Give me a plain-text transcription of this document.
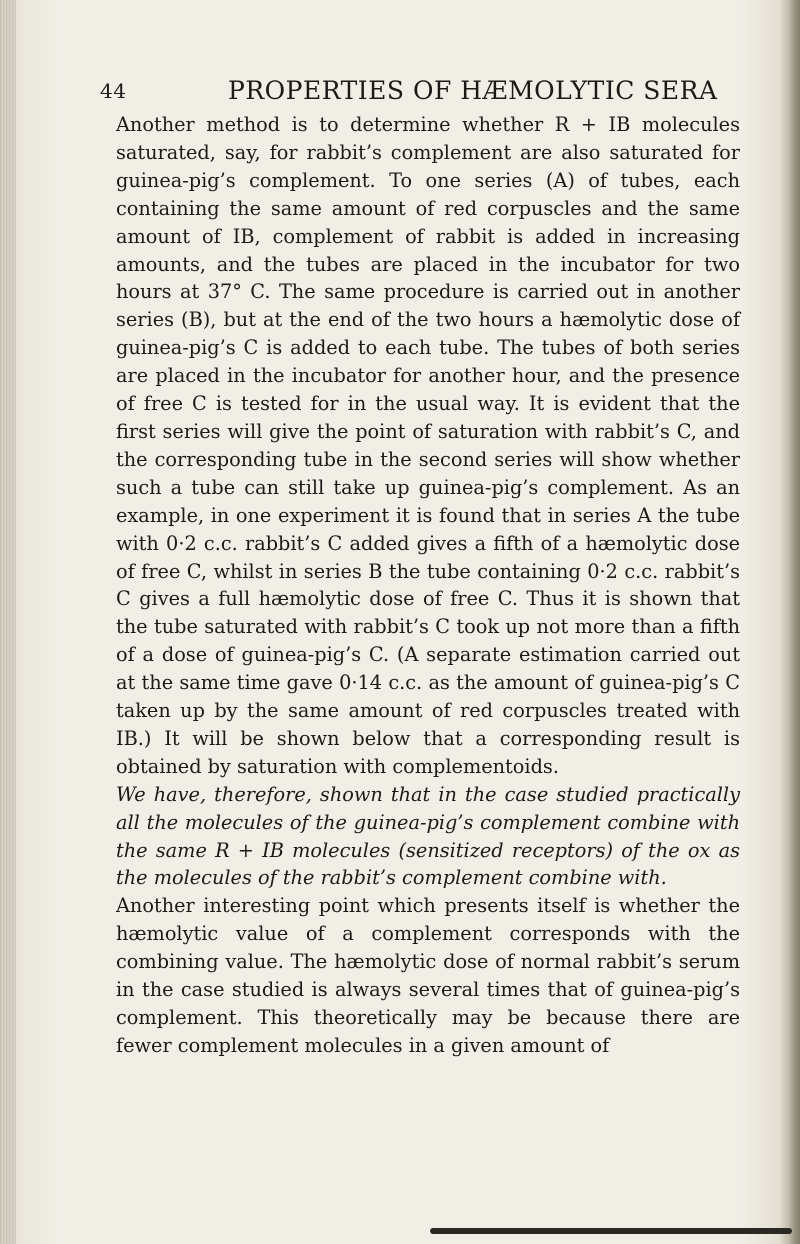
44	PROPERTIES OF HÆMOLYTIC SERA

Another method is to determine whether R + IB molecules saturated, say, for rabbit’s complement are also saturated for guinea-pig’s complement. To one series (A) of tubes, each containing the same amount of red corpuscles and the same amount of IB, complement of rabbit is added in increasing amounts, and the tubes are placed in the incubator for two hours at 37° C. The same procedure is carried out in another series (B), but at the end of the two hours a hæmolytic dose of guinea-pig’s C is added to each tube. The tubes of both series are placed in the incubator for another hour, and the presence of free C is tested for in the usual way. It is evident that the first series will give the point of saturation with rabbit’s C, and the corresponding tube in the second series will show whether such a tube can still take up guinea-pig’s complement. As an example, in one experiment it is found that in series A the tube with 0·2 c.c. rabbit’s C added gives a fifth of a hæmolytic dose of free C, whilst in series B the tube containing 0·2 c.c. rabbit’s C gives a full hæmolytic dose of free C. Thus it is shown that the tube saturated with rabbit’s C took up not more than a fifth of a dose of guinea-pig’s C. (A separate estimation carried out at the same time gave 0·14 c.c. as the amount of guinea-pig’s C taken up by the same amount of red corpuscles treated with IB.) It will be shown below that a corresponding result is obtained by saturation with complementoids.

We have, therefore, shown that in the case studied practically all the molecules of the guinea-pig’s complement combine with the same R + IB molecules (sensitized receptors) of the ox as the molecules of the rabbit’s complement combine with.

Another interesting point which presents itself is whether the hæmolytic value of a complement corresponds with the combining value. The hæmolytic dose of normal rabbit’s serum in the case studied is always several times that of guinea-pig’s complement. This theoretically may be because there are fewer complement molecules in a given amount of
